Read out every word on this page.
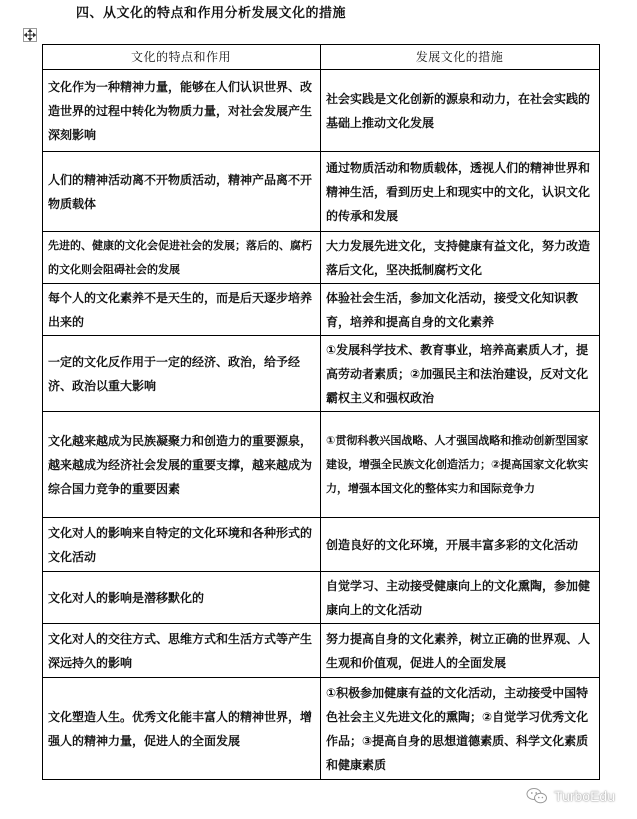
四、从文化的特点和作用分析发展文化的措施
文化的特点和作用	发展文化的措施
文化作为一种精神力量，能够在人们认识世界、改造世界的过程中转化为物质力量，对社会发展产生深刻影响	社会实践是文化创新的源泉和动力，在社会实践的基础上推动文化发展
人们的精神活动离不开物质活动，精神产品离不开物质载体	通过物质活动和物质载体，透视人们的精神世界和精神生活，看到历史上和现实中的文化，认识文化的传承和发展
先进的、健康的文化会促进社会的发展；落后的、腐朽的文化则会阻碍社会的发展	大力发展先进文化，支持健康有益文化，努力改造落后文化，坚决抵制腐朽文化
每个人的文化素养不是天生的，而是后天逐步培养出来的	体验社会生活，参加文化活动，接受文化知识教育，培养和提高自身的文化素养
一定的文化反作用于一定的经济、政治，给予经济、政治以重大影响	①发展科学技术、教育事业，培养高素质人才，提高劳动者素质；②加强民主和法治建设，反对文化霸权主义和强权政治
文化越来越成为民族凝聚力和创造力的重要源泉，越来越成为经济社会发展的重要支撑，越来越成为综合国力竞争的重要因素	①贯彻科教兴国战略、人才强国战略和推动创新型国家建设，增强全民族文化创造活力；②提高国家文化软实力，增强本国文化的整体实力和国际竞争力
文化对人的影响来自特定的文化环境和各种形式的文化活动	创造良好的文化环境，开展丰富多彩的文化活动
文化对人的影响是潜移默化的	自觉学习、主动接受健康向上的文化熏陶，参加健康向上的文化活动
文化对人的交往方式、思维方式和生活方式等产生深远持久的影响	努力提高自身的文化素养，树立正确的世界观、人生观和价值观，促进人的全面发展
文化塑造人生。优秀文化能丰富人的精神世界，增强人的精神力量，促进人的全面发展	①积极参加健康有益的文化活动，主动接受中国特色社会主义先进文化的熏陶；②自觉学习优秀文化作品；③提高自身的思想道德素质、科学文化素质和健康素质
TurboEdu
